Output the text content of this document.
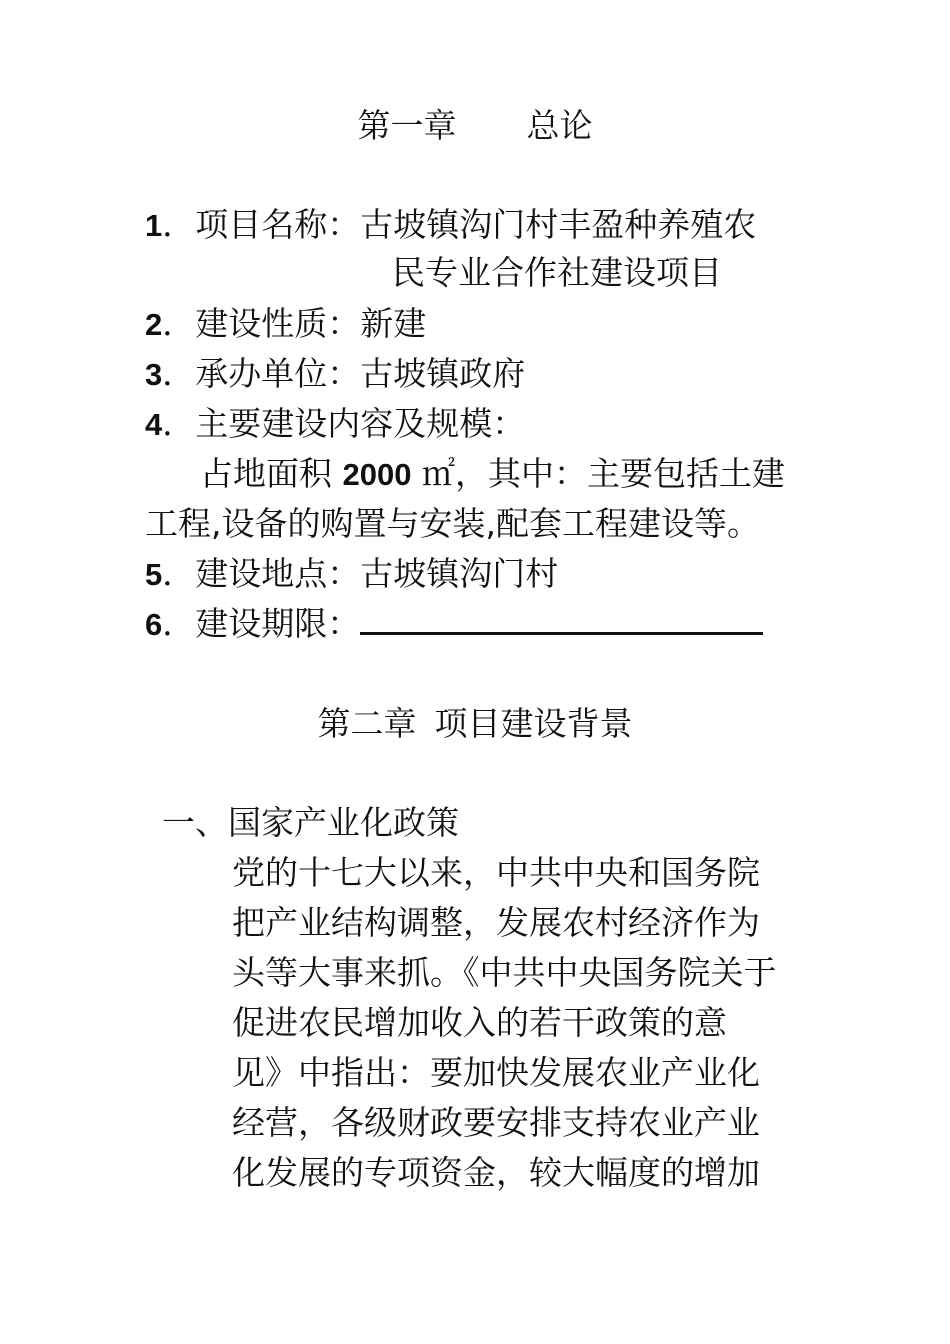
第一章 总论
1．项目名称：古坡镇沟门村丰盈种养殖农
民专业合作社建设项目
2．建设性质：新建
3．承办单位：古坡镇政府
4．主要建设内容及规模：
占地面积 2000 ㎡，其中：主要包括土建
工程,设备的购置与安装,配套工程建设等。
5．建设地点：古坡镇沟门村
6．建设期限：
第二章 项目建设背景
一、国家产业化政策

党的十七大以来，中共中央和国务院

把产业结构调整，发展农村经济作为

头等大事来抓。《中共中央国务院关于

促进农民增加收入的若干政策的意

见》中指出：要加快发展农业产业化

经营，各级财政要安排支持农业产业

化发展的专项资金，较大幅度的增加
